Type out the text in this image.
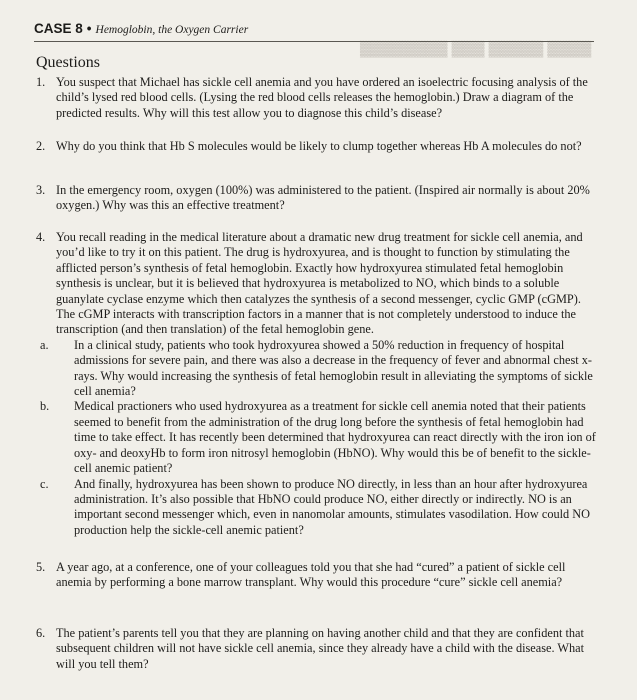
▓▓▓▓ ▓▓▓▓▓ ▓▓▓ ▓▓▓▓▓▓▓▓
CASE 8 • Hemoglobin, the Oxygen Carrier
Questions
1. You suspect that Michael has sickle cell anemia and you have ordered an isoelectric focusing analysis of the child’s lysed red blood cells. (Lysing the red blood cells releases the hemoglobin.) Draw a diagram of the predicted results. Why will this test allow you to diagnose this child’s disease?
2. Why do you think that Hb S molecules would be likely to clump together whereas Hb A molecules do not?
3. In the emergency room, oxygen (100%) was administered to the patient. (Inspired air normally is about 20% oxygen.) Why was this an effective treatment?
4. You recall reading in the medical literature about a dramatic new drug treatment for sickle cell anemia, and you’d like to try it on this patient. The drug is hydroxyurea, and is thought to function by stimulating the afflicted person’s synthesis of fetal hemoglobin. Exactly how hydroxyurea stimulated fetal hemoglobin synthesis is unclear, but it is believed that hydroxyurea is metabolized to NO, which binds to a soluble guanylate cyclase enzyme which then catalyzes the synthesis of a second messenger, cyclic GMP (cGMP). The cGMP interacts with transcription factors in a manner that is not completely understood to induce the transcription (and then translation) of the fetal hemoglobin gene.
a. In a clinical study, patients who took hydroxyurea showed a 50% reduction in frequency of hospital admissions for severe pain, and there was also a decrease in the frequency of fever and abnormal chest x-rays. Why would increasing the synthesis of fetal hemoglobin result in alleviating the symptoms of sickle cell anemia?
b. Medical practioners who used hydroxyurea as a treatment for sickle cell anemia noted that their patients seemed to benefit from the administration of the drug long before the synthesis of fetal hemoglobin had time to take effect. It has recently been determined that hydroxyurea can react directly with the iron ion of oxy- and deoxyHb to form iron nitrosyl hemoglobin (HbNO). Why would this be of benefit to the sickle-cell anemic patient?
c. And finally, hydroxyurea has been shown to produce NO directly, in less than an hour after hydroxyurea administration. It’s also possible that HbNO could produce NO, either directly or indirectly. NO is an important second messenger which, even in nanomolar amounts, stimulates vasodilation. How could NO production help the sickle-cell anemic patient?
5. A year ago, at a conference, one of your colleagues told you that she had “cured” a patient of sickle cell anemia by performing a bone marrow transplant. Why would this procedure “cure” sickle cell anemia?
6. The patient’s parents tell you that they are planning on having another child and that they are confident that subsequent children will not have sickle cell anemia, since they already have a child with the disease. What will you tell them?
